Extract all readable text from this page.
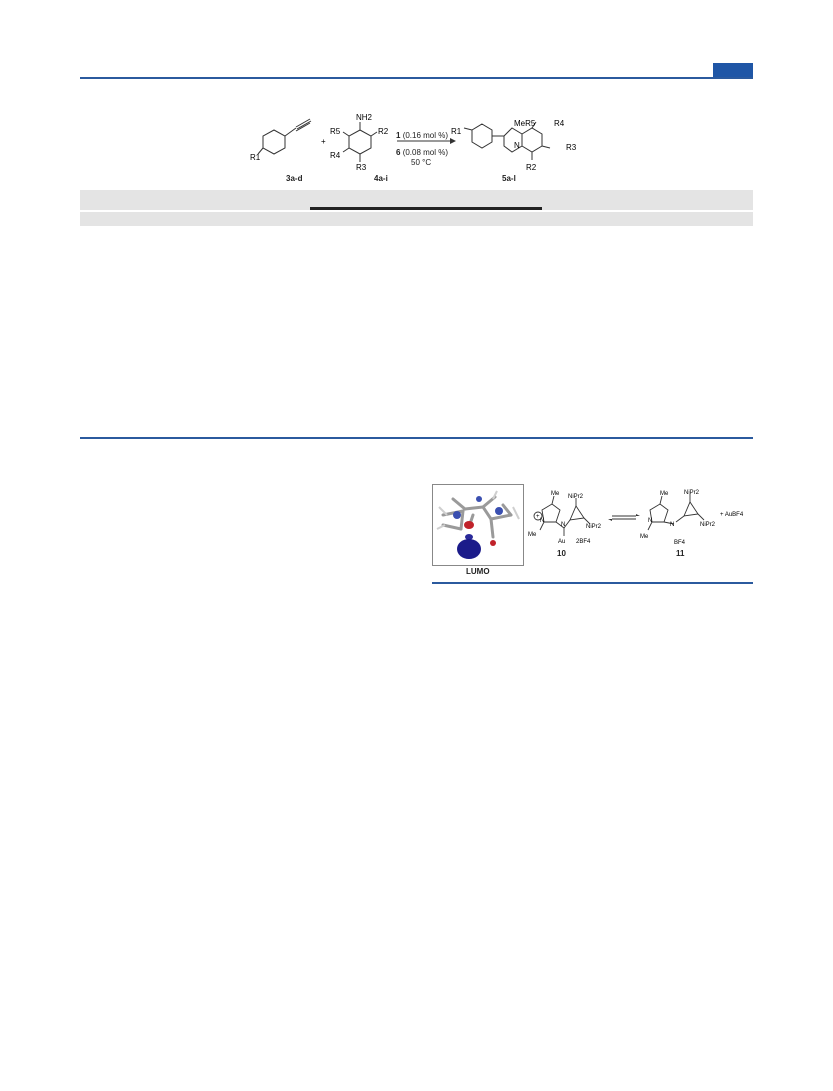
R1
+
NH2
R2
R5
R4
R3
R1
MeR5 R4
R3
R2
N
1 (0.16 mol %)
6 (0.08 mol %)
50 °C
3a-d	4a-i	5a-l
LUMO
+
Me
Me
N
N
NiPr2
NiPr2
Au 2BF4
Me
Me
N
N
NiPr2
NiPr2
BF4
+ AuBF4
10	11
